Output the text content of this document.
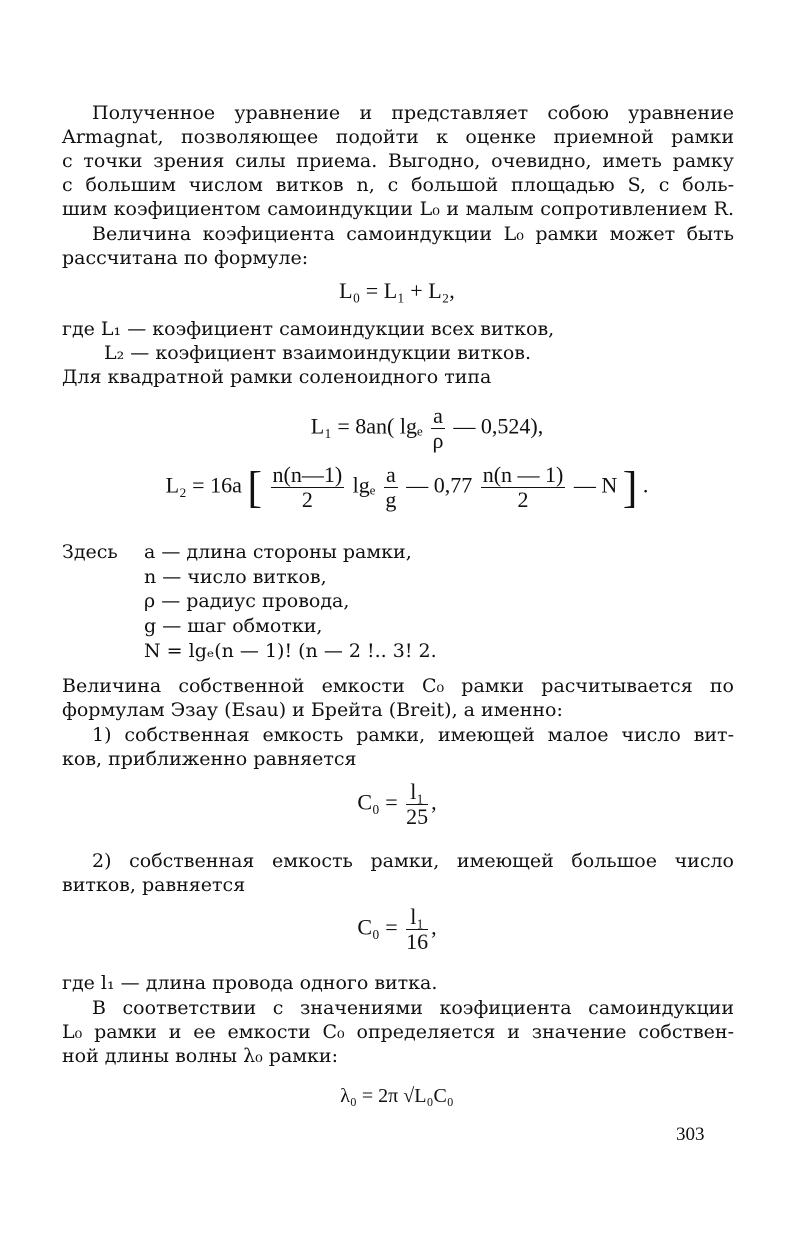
Полученное уравнение и представляет собою уравнение
Armagnat, позволяющее подойти к оценке приемной рамки
с точки зрения силы приема. Выгодно, очевидно, иметь рамку
с большим числом витков n, с большой площадью S, с боль-
шим коэфициентом самоиндукции L₀ и малым сопротивлением R.
Величина коэфициента самоиндукции L₀ рамки может быть
рассчитана по формуле:
L₀ = L₁ + L₂,
где L₁ — коэфициент самоиндукции всех витков,
L₂ — коэфициент взаимоиндукции витков.
Для квадратной рамки соленоидного типа
L₁ = 8an( lgₑ $\frac{a}{\rho}$ — 0,524),
L₂ = 16a [ $\frac{n(n—1)}{2}$ lgₑ $\frac{a}{g}$ — $0,77 \frac{n(n — 1)}{2}$ — N ] .
Здесь	a — длина стороны рамки,
n — число витков,
ρ — радиус провода,
g — шаг обмотки,
N = lgₑ(n — 1)! (n — 2 !.. 3! 2.
Величина собственной емкости C₀ рамки расчитывается по
формулам Эзау (Esau) и Брейта (Breit), а именно:
1) собственная емкость рамки, имеющей малое число вит-
ков, приближенно равняется
$C_0 = \frac{\text{l₁}}{25}$ ,
2) собственная емкость рамки, имеющей большое число
витков, равняется
$C_0 = \frac{\text{l₁}}{16}$ ,
где l₁ — длина провода одного витка.
В соответствии с значениями коэфициента самоиндукции
L₀ рамки и ее емкости C₀ определяется и значение собствен-
ной длины волны λ₀ рамки:
λ₀ = 2π √L₀C₀
303
